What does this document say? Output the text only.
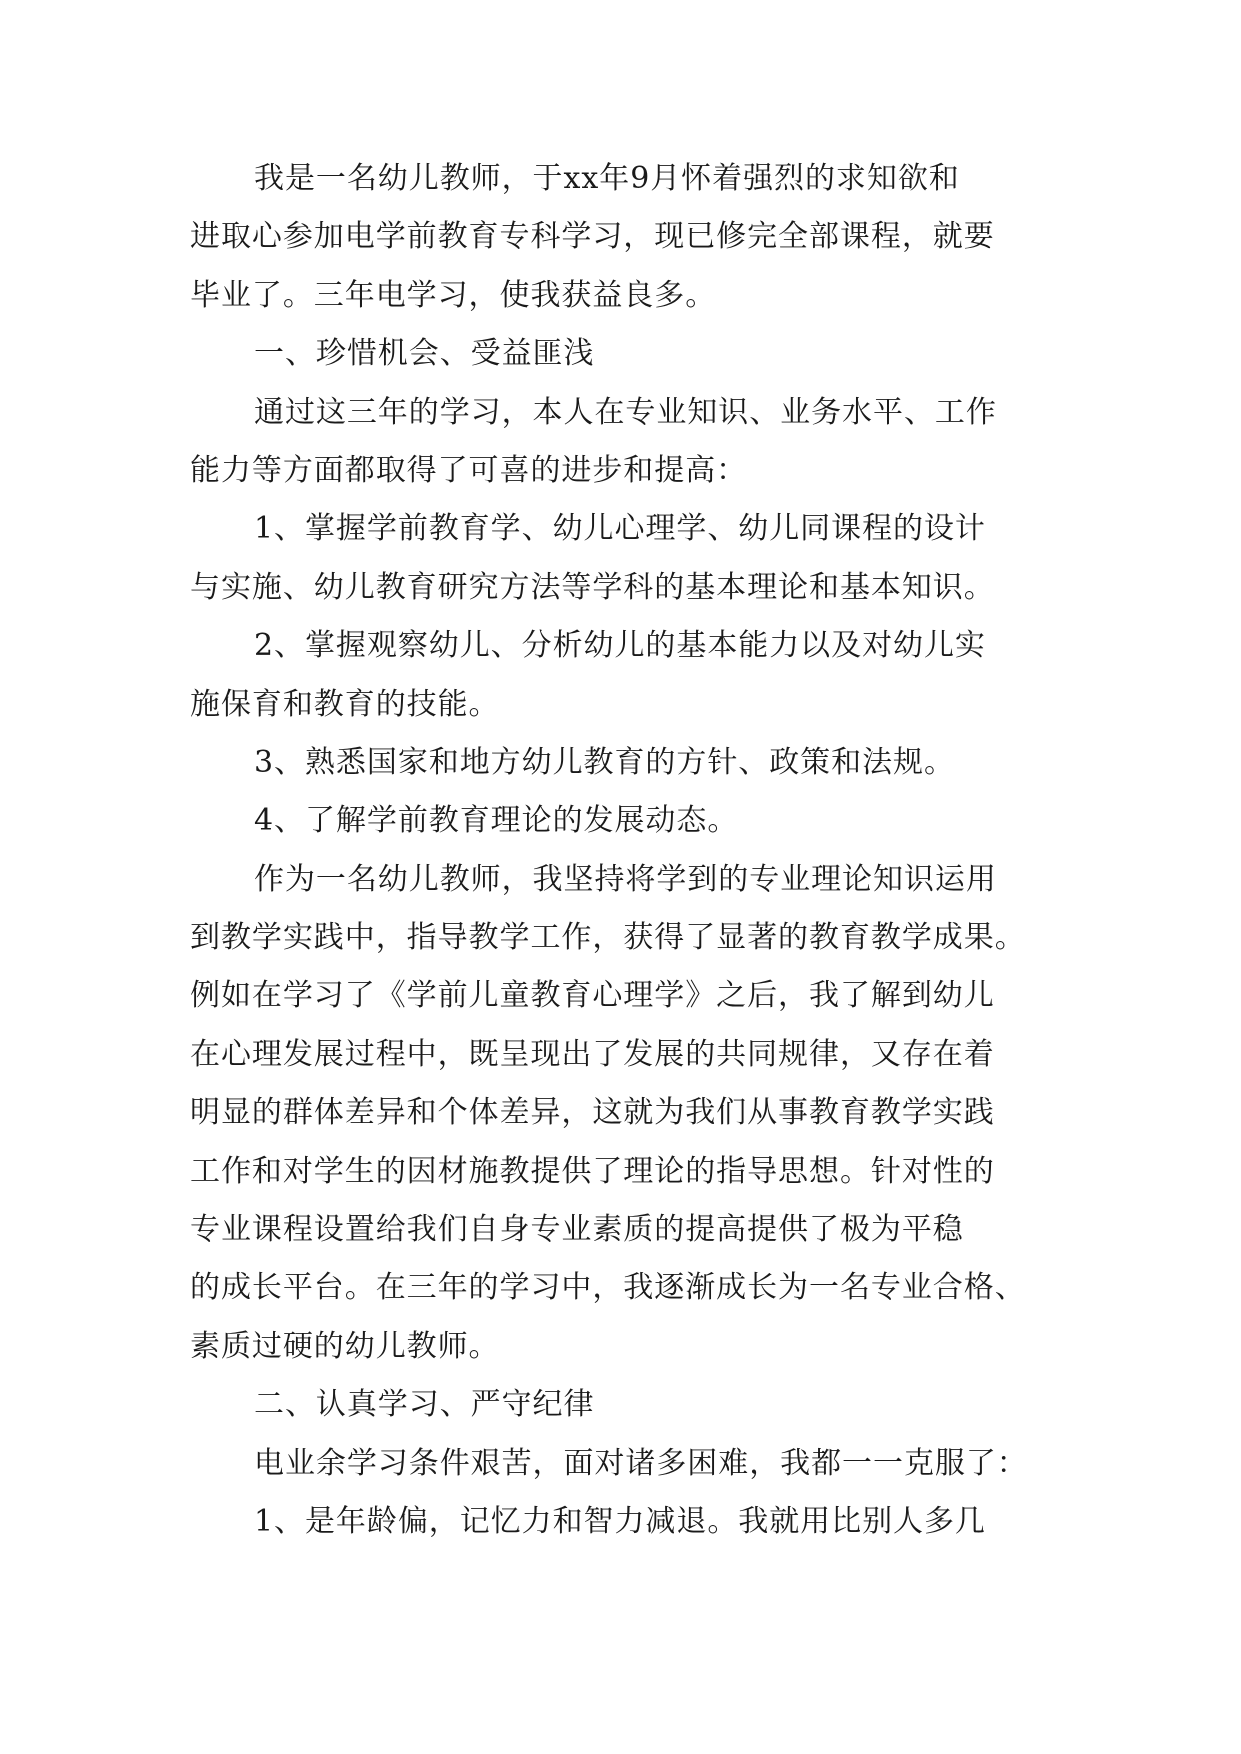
我是一名幼儿教师，于xx年9月怀着强烈的求知欲和
进取心参加电学前教育专科学习，现已修完全部课程，就要
毕业了。三年电学习，使我获益良多。
一、珍惜机会、受益匪浅
通过这三年的学习，本人在专业知识、业务水平、工作
能力等方面都取得了可喜的进步和提高：
1、掌握学前教育学、幼儿心理学、幼儿同课程的设计
与实施、幼儿教育研究方法等学科的基本理论和基本知识。
2、掌握观察幼儿、分析幼儿的基本能力以及对幼儿实
施保育和教育的技能。
3、熟悉国家和地方幼儿教育的方针、政策和法规。
4、了解学前教育理论的发展动态。
作为一名幼儿教师，我坚持将学到的专业理论知识运用
到教学实践中，指导教学工作，获得了显著的教育教学成果。
例如在学习了《学前儿童教育心理学》之后，我了解到幼儿
在心理发展过程中，既呈现出了发展的共同规律，又存在着
明显的群体差异和个体差异，这就为我们从事教育教学实践
工作和对学生的因材施教提供了理论的指导思想。针对性的
专业课程设置给我们自身专业素质的提高提供了极为平稳
的成长平台。在三年的学习中，我逐渐成长为一名专业合格、
素质过硬的幼儿教师。
二、认真学习、严守纪律
电业余学习条件艰苦，面对诸多困难，我都一一克服了：
1、是年龄偏，记忆力和智力减退。我就用比别人多几
